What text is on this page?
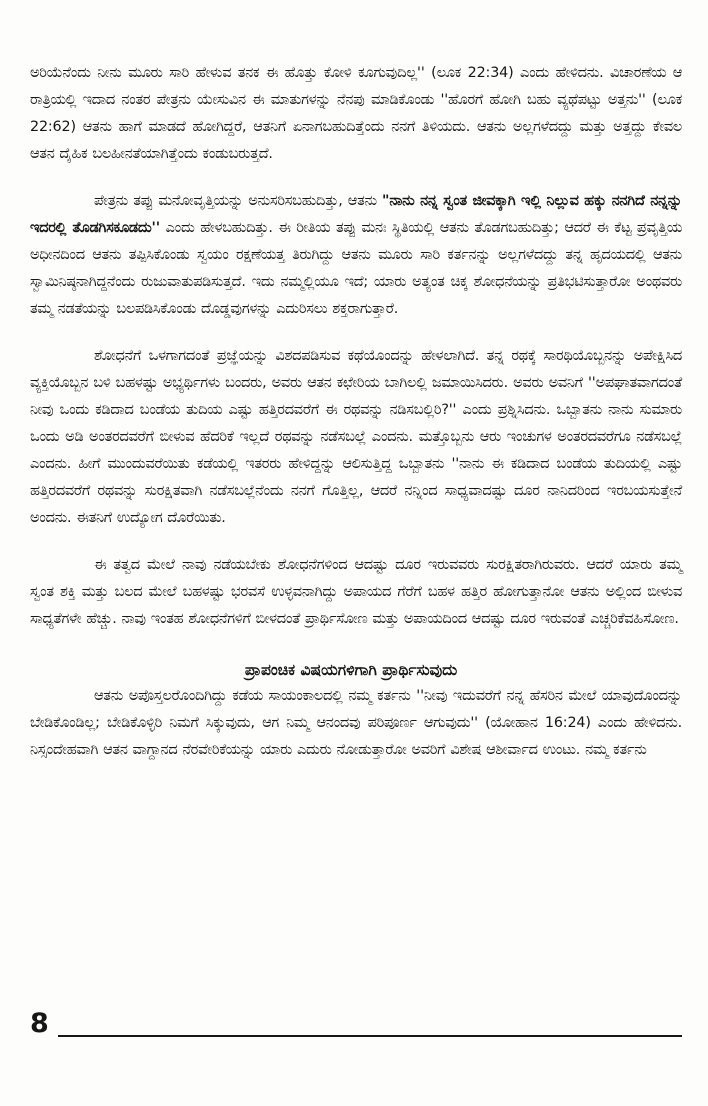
ಅರಿಯೆನೆಂದು ನೀನು ಮೂರು ಸಾರಿ ಹೇಳುವ ತನಕ ಈ ಹೊತ್ತು ಕೋಳಿ ಕೂಗುವುದಿಲ್ಲ'' (ಲೂಕ 22:34) ಎಂದು ಹೇಳಿದನು. ವಿಚಾರಣೆಯ ಆ ರಾತ್ರಿಯಲ್ಲಿ ಇದಾದ ನಂತರ ಪೇತ್ರನು ಯೇಸುವಿನ ಈ ಮಾತುಗಳನ್ನು ನೆನಪು ಮಾಡಿಕೊಂಡು ''ಹೊರಗೆ ಹೋಗಿ ಬಹು ವ್ಯಥೆಪಟ್ಟು ಅತ್ತನು'' (ಲೂಕ 22:62) ಆತನು ಹಾಗೆ ಮಾಡದೆ ಹೋಗಿದ್ದರೆ, ಆತನಿಗೆ ಏನಾಗಬಹುದಿತ್ತೆಂದು ನನಗೆ ತಿಳಿಯದು. ಆತನು ಅಲ್ಲಗಳೆದದ್ದು ಮತ್ತು ಅತ್ತದ್ದು ಕೇವಲ ಆತನ ದೈಹಿಕ ಬಲಹೀನತೆಯಾಗಿತ್ತೆಂದು ಕಂಡುಬರುತ್ತದೆ.

ಪೇತ್ರನು ತಪ್ಪು ಮನೋವೃತ್ತಿಯನ್ನು ಅನುಸರಿಸಬಹುದಿತ್ತು, ಆತನು "ನಾನು ನನ್ನ ಸ್ವಂತ ಜೀವಕ್ಕಾಗಿ ಇಲ್ಲಿ ನಿಲ್ಲುವ ಹಕ್ಕು ನನಗಿದೆ ನನ್ನನ್ನು ಇದರಲ್ಲಿ ತೊಡಗಿಸಕೂಡದು'' ಎಂದು ಹೇಳಬಹುದಿತ್ತು. ಈ ರೀತಿಯ ತಪ್ಪು ಮನಃ ಸ್ಥಿತಿಯಲ್ಲಿ ಆತನು ತೊಡಗಬಹುದಿತ್ತು; ಆದರೆ ಈ ಕೆಟ್ಟ ಪ್ರವೃತ್ತಿಯ ಅಧೀನದಿಂದ ಆತನು ತಪ್ಪಿಸಿಕೊಂಡು ಸ್ವಯಂ ರಕ್ಷಣೆಯತ್ತ ತಿರುಗಿದ್ದು ಆತನು ಮೂರು ಸಾರಿ ಕರ್ತನನ್ನು ಅಲ್ಲಗಳೆದದ್ದು ತನ್ನ ಹೃದಯದಲ್ಲಿ ಆತನು ಸ್ವಾಮಿನಿಷ್ಠನಾಗಿದ್ದನೆಂದು ರುಜುವಾತುಪಡಿಸುತ್ತದೆ. ಇದು ನಮ್ಮಲ್ಲಿಯೂ ಇದೆ; ಯಾರು ಅತ್ಯಂತ ಚಿಕ್ಕ ಶೋಧನೆಯನ್ನು ಪ್ರತಿಭಟಿಸುತ್ತಾರೋ ಅಂಥವರು ತಮ್ಮ ನಡತೆಯನ್ನು ಬಲಪಡಿಸಿಕೊಂಡು ದೊಡ್ಡವುಗಳನ್ನು ಎದುರಿಸಲು ಶಕ್ತರಾಗುತ್ತಾರೆ.

ಶೋಧನೆಗೆ ಒಳಗಾಗದಂತೆ ಪ್ರಜ್ಞೆಯನ್ನು ವಿಶದಪಡಿಸುವ ಕಥೆಯೊಂದನ್ನು ಹೇಳಲಾಗಿದೆ. ತನ್ನ ರಥಕ್ಕೆ ಸಾರಥಿಯೊಬ್ಬನನ್ನು ಅಪೇಕ್ಷಿಸಿದ ವ್ಯಕ್ತಿಯೊಬ್ಬನ ಬಳಿ ಬಹಳಷ್ಟು ಅಭ್ಯರ್ಥಿಗಳು ಬಂದರು, ಅವರು ಆತನ ಕಛೇರಿಯ ಬಾಗಿಲಲ್ಲಿ ಜಮಾಯಿಸಿದರು. ಅವರು ಅವನಿಗೆ ''ಅಪಘಾತವಾಗದಂತೆ ನೀವು ಒಂದು ಕಡಿದಾದ ಬಂಡೆಯ ತುದಿಯ ಎಷ್ಟು ಹತ್ತಿರದವರೆಗೆ ಈ ರಥವನ್ನು ನಡಿಸಬಲ್ಲಿರಿ?'' ಎಂದು ಪ್ರಶ್ನಿಸಿದನು. ಒಬ್ಬಾತನು ನಾನು ಸುಮಾರು ಒಂದು ಅಡಿ ಅಂತರದವರೆಗೆ ಬೀಳುವ ಹೆದರಿಕೆ ಇಲ್ಲದೆ ರಥವನ್ನು ನಡೆಸಬಲ್ಲೆ ಎಂದನು. ಮತ್ತೊಬ್ಬನು ಆರು ಇಂಚುಗಳ ಅಂತರದವರೆಗೂ ನಡೆಸಬಲ್ಲೆ ಎಂದನು. ಹೀಗೆ ಮುಂದುವರೆಯಿತು ಕಡೆಯಲ್ಲಿ ಇತರರು ಹೇಳಿದ್ದನ್ನು ಆಲಿಸುತ್ತಿದ್ದ ಒಬ್ಬಾತನು ''ನಾನು ಈ ಕಡಿದಾದ ಬಂಡೆಯ ತುದಿಯಲ್ಲಿ ಎಷ್ಟು ಹತ್ತಿರದವರೆಗೆ ರಥವನ್ನು ಸುರಕ್ಷಿತವಾಗಿ ನಡೆಸಬಲ್ಲೆನೆಂದು ನನಗೆ ಗೊತ್ತಿಲ್ಲ, ಆದರೆ ನನ್ನಿಂದ ಸಾಧ್ಯವಾದಷ್ಟು ದೂರ ನಾನಿದರಿಂದ ಇರಬಯಸುತ್ತೇನೆ ಅಂದನು. ಈತನಿಗೆ ಉದ್ಯೋಗ ದೊರೆಯಿತು.

ಈ ತತ್ವದ ಮೇಲೆ ನಾವು ನಡೆಯಬೇಕು ಶೋಧನೆಗಳಿಂದ ಆದಷ್ಟು ದೂರ ಇರುವವರು ಸುರಕ್ಷಿತರಾಗಿರುವರು. ಆದರೆ ಯಾರು ತಮ್ಮ ಸ್ವಂತ ಶಕ್ತಿ ಮತ್ತು ಬಲದ ಮೇಲೆ ಬಹಳಷ್ಟು ಭರವಸೆ ಉಳ್ಳವನಾಗಿದ್ದು ಅಪಾಯದ ಗೆರೆಗೆ ಬಹಳ ಹತ್ತಿರ ಹೋಗುತ್ತಾನೋ ಆತನು ಅಲ್ಲಿಂದ ಬೀಳುವ ಸಾಧ್ಯತೆಗಳೇ ಹೆಚ್ಚು. ನಾವು ಇಂತಹ ಶೋಧನೆಗಳಿಗೆ ಬೀಳದಂತೆ ಪ್ರಾರ್ಥಿಸೋಣ ಮತ್ತು ಅಪಾಯದಿಂದ ಆದಷ್ಟು ದೂರ ಇರುವಂತೆ ಎಚ್ಚರಿಕೆವಹಿಸೋಣ.

ಪ್ರಾಪಂಚಿಕ ವಿಷಯಗಳಿಗಾಗಿ ಪ್ರಾರ್ಥಿಸುವುದು

ಆತನು ಅಪೊಸ್ತಲರೊಂದಿಗಿದ್ದು ಕಡೆಯ ಸಾಯಂಕಾಲದಲ್ಲಿ ನಮ್ಮ ಕರ್ತನು ''ನೀವು ಇದುವರೆಗೆ ನನ್ನ ಹೆಸರಿನ ಮೇಲೆ ಯಾವುದೊಂದನ್ನು ಬೇಡಿಕೊಂಡಿಲ್ಲ; ಬೇಡಿಕೊಳ್ಳಿರಿ ನಿಮಗೆ ಸಿಕ್ಕುವುದು, ಆಗ ನಿಮ್ಮ ಆನಂದವು ಪರಿಪೂರ್ಣ ಆಗುವುದು'' (ಯೋಹಾನ 16:24) ಎಂದು ಹೇಳಿದನು. ನಿಸ್ಸಂದೇಹವಾಗಿ ಆತನ ವಾಗ್ದಾನದ ನೆರವೇರಿಕೆಯನ್ನು ಯಾರು ಎದುರು ನೋಡುತ್ತಾರೋ ಅವರಿಗೆ ವಿಶೇಷ ಆಶೀರ್ವಾದ ಉಂಟು. ನಮ್ಮ ಕರ್ತನು

8
